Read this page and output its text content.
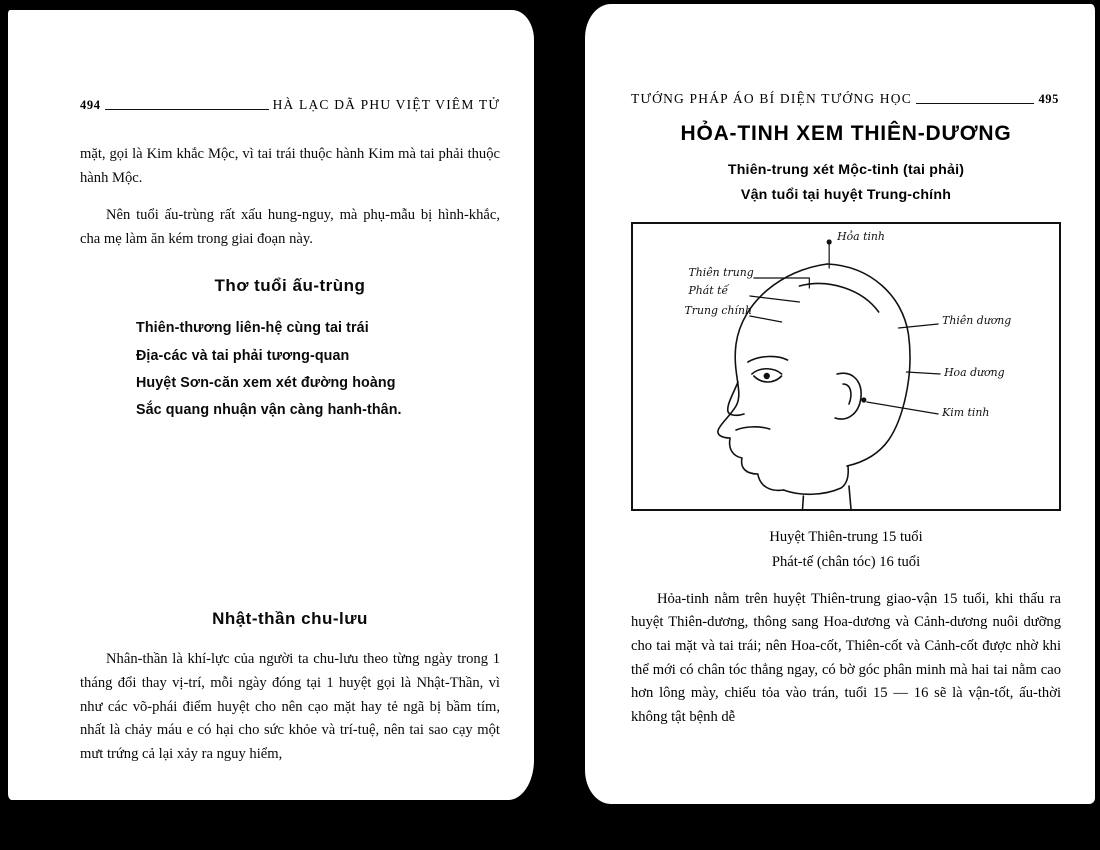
494	HÀ LẠC DÃ PHU VIỆT VIÊM TỬ

mặt, gọi là Kim khắc Mộc, vì tai trái thuộc hành Kim mà tai phải thuộc hành Mộc.

Nên tuổi ấu-trùng rất xấu hung-nguy, mà phụ-mẫu bị hình-khắc, cha mẹ làm ăn kém trong giai đoạn này.

Thơ tuổi ấu-trùng
Thiên-thương liên-hệ cùng tai trái
Địa-các và tai phải tương-quan
Huyệt Sơn-căn xem xét đường hoàng
Sắc quang nhuận vận càng hanh-thân.
Nhật-thần chu-lưu

Nhân-thần là khí-lực của người ta chu-lưu theo từng ngày trong 1 tháng đổi thay vị-trí, mỗi ngày đóng tại 1 huyệt gọi là Nhật-Thần, vì như các võ-phái điểm huyệt cho nên cạo mặt hay tẻ ngã bị bầm tím, nhất là chảy máu e có hại cho sức khỏe và trí-tuệ, nên tai sao cạy một mưt trứng cả lại xảy ra nguy hiểm,

TƯỚNG PHÁP ÁO BÍ DIỆN TƯỚNG HỌC	495
HỎA-TINH XEM THIÊN-DƯƠNG
Thiên-trung xét Mộc-tinh (tai phải)
Vận tuổi tại huyệt Trung-chính
Hỏa tinh
Thiên trung
Phát tế
Trung chính
Thiên dương
Hoa dương
Kim tinh
Huyệt Thiên-trung 15 tuổi
Phát-tế (chân tóc) 16 tuổi

Hỏa-tinh nằm trên huyệt Thiên-trung giao-vận 15 tuổi, khi thấu ra huyệt Thiên-dương, thông sang Hoa-dương và Cảnh-dương nuôi dưỡng cho tai mặt và tai trái; nên Hoa-cốt, Thiên-cốt và Cảnh-cốt được nhờ khi thể mới có chân tóc thẳng ngay, có bờ góc phân minh mà hai tai nằm cao hơn lông mày, chiếu tỏa vào trán, tuổi 15 — 16 sẽ là vận-tốt, ấu-thời không tật bệnh dễ
